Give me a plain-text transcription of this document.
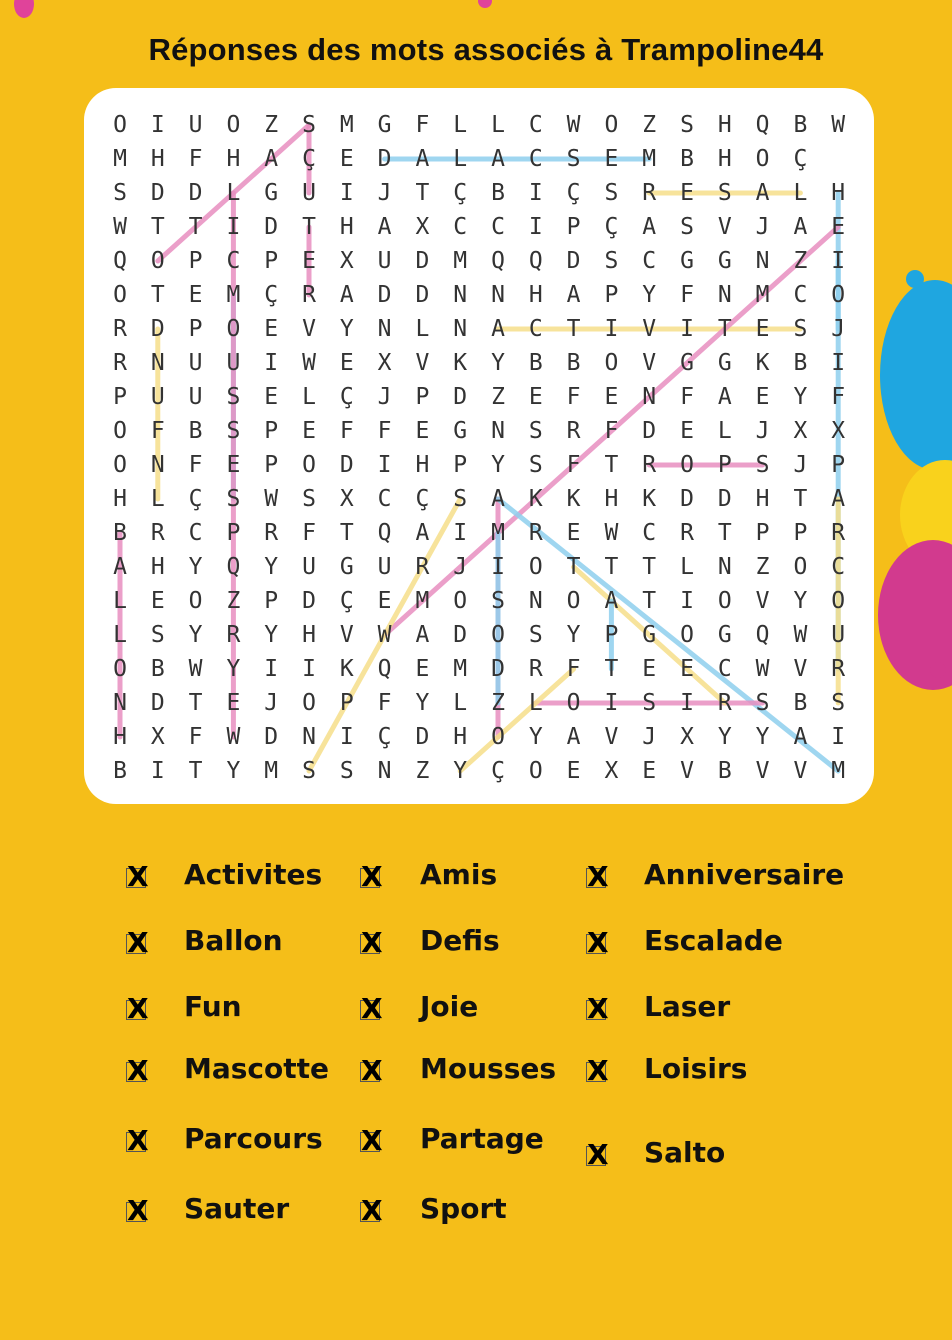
Réponses des mots associés à Trampoline44
O	I	U	O	Z	S	M	G	F	L	L	C	W	O	Z	S	H	Q	B	W
M	H	F	H	A	Ç	E	D	A	L	A	C	S	E	M	B	H	O	Ç
S	D	D	L	G	U	I	J	T	Ç	B	I	Ç	S	R	E	S	A	L	H
W	T	T	I	D	T	H	A	X	C	C	I	P	Ç	A	S	V	J	A	E
Q	O	P	C	P	E	X	U	D	M	Q	Q	D	S	C	G	G	N	Z	I
O	T	E	M	Ç	R	A	D	D	N	N	H	A	P	Y	F	N	M	C	O
R	D	P	O	E	V	Y	N	L	N	A	C	T	I	V	I	T	E	S	J
R	N	U	U	I	W	E	X	V	K	Y	B	B	O	V	G	G	K	B	I
P	U	U	S	E	L	Ç	J	P	D	Z	E	F	E	N	F	A	E	Y	F
O	F	B	S	P	E	F	F	E	G	N	S	R	F	D	E	L	J	X	X
O	N	F	E	P	O	D	I	H	P	Y	S	F	T	R	O	P	S	J	P
H	L	Ç	S	W	S	X	C	Ç	S	A	K	K	H	K	D	D	H	T	A
B	R	C	P	R	F	T	Q	A	I	M	R	E	W	C	R	T	P	P	R
A	H	Y	Q	Y	U	G	U	R	J	I	O	T	T	T	L	N	Z	O	C
L	E	O	Z	P	D	Ç	E	M	O	S	N	O	A	T	I	O	V	Y	O
L	S	Y	R	Y	H	V	W	A	D	O	S	Y	P	G	O	G	Q	W	U
O	B	W	Y	I	I	K	Q	E	M	D	R	F	T	E	E	C	W	V	R
N	D	T	E	J	O	P	F	Y	L	Z	L	O	I	S	I	R	S	B	S
H	X	F	W	D	N	I	Ç	D	H	O	Y	A	V	J	X	Y	Y	A	I
B	I	T	Y	M	S	S	N	Z	Y	Ç	O	E	X	E	V	B	V	V	M
X Activites X Amis	X Anniversaire
X Ballon	X Defis	X Escalade
X Fun	X Joie	X Laser
X Mascotte X Mousses X Loisirs
X Parcours X Partage X Salto
X Sauter	X Sport
